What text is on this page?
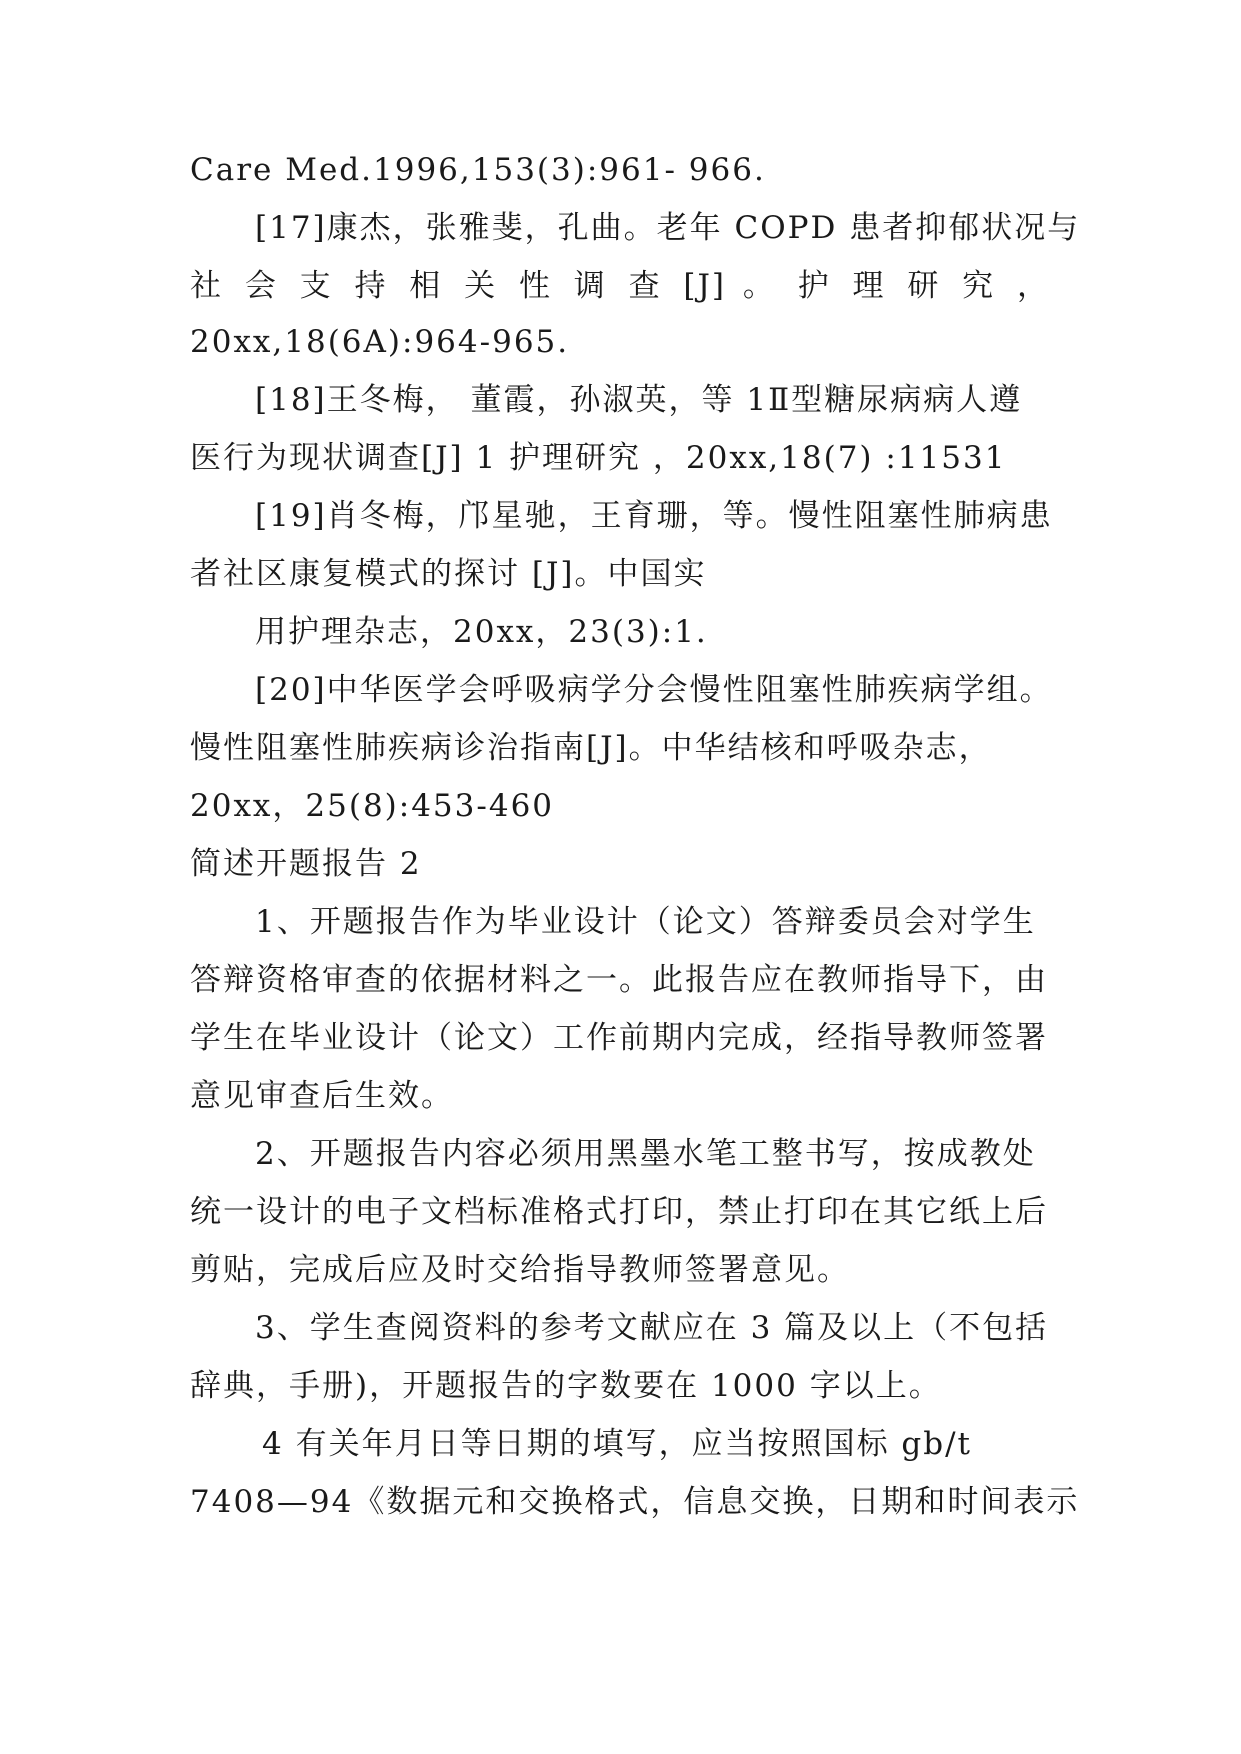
Care Med.1996,153(3):961- 966.
[17]康杰，张雅斐，孔曲。老年 COPD 患者抑郁状况与
社 会 支 持 相 关 性 调 查 [J] 。 护 理 研 究 ，
20xx,18(6A):964-965.
[18]王冬梅， 董霞，孙淑英，等 1Ⅱ型糖尿病病人遵
医行为现状调查[J] 1 护理研究 ，20xx,18(7) :11531
[19]肖冬梅，邝星驰，王育珊，等。慢性阻塞性肺病患
者社区康复模式的探讨 [J]。中国实
用护理杂志，20xx，23(3):1.
[20]中华医学会呼吸病学分会慢性阻塞性肺疾病学组。
慢性阻塞性肺疾病诊治指南[J]。中华结核和呼吸杂志，
20xx，25(8):453-460
简述开题报告 2
1、开题报告作为毕业设计（论文）答辩委员会对学生
答辩资格审查的依据材料之一。此报告应在教师指导下，由
学生在毕业设计（论文）工作前期内完成，经指导教师签署
意见审查后生效。
2、开题报告内容必须用黑墨水笔工整书写，按成教处
统一设计的电子文档标准格式打印，禁止打印在其它纸上后
剪贴，完成后应及时交给指导教师签署意见。
3、学生查阅资料的参考文献应在 3 篇及以上（不包括
辞典，手册)，开题报告的字数要在 1000 字以上。
4 有关年月日等日期的填写，应当按照国标 gb/t
7408—94《数据元和交换格式，信息交换，日期和时间表示
